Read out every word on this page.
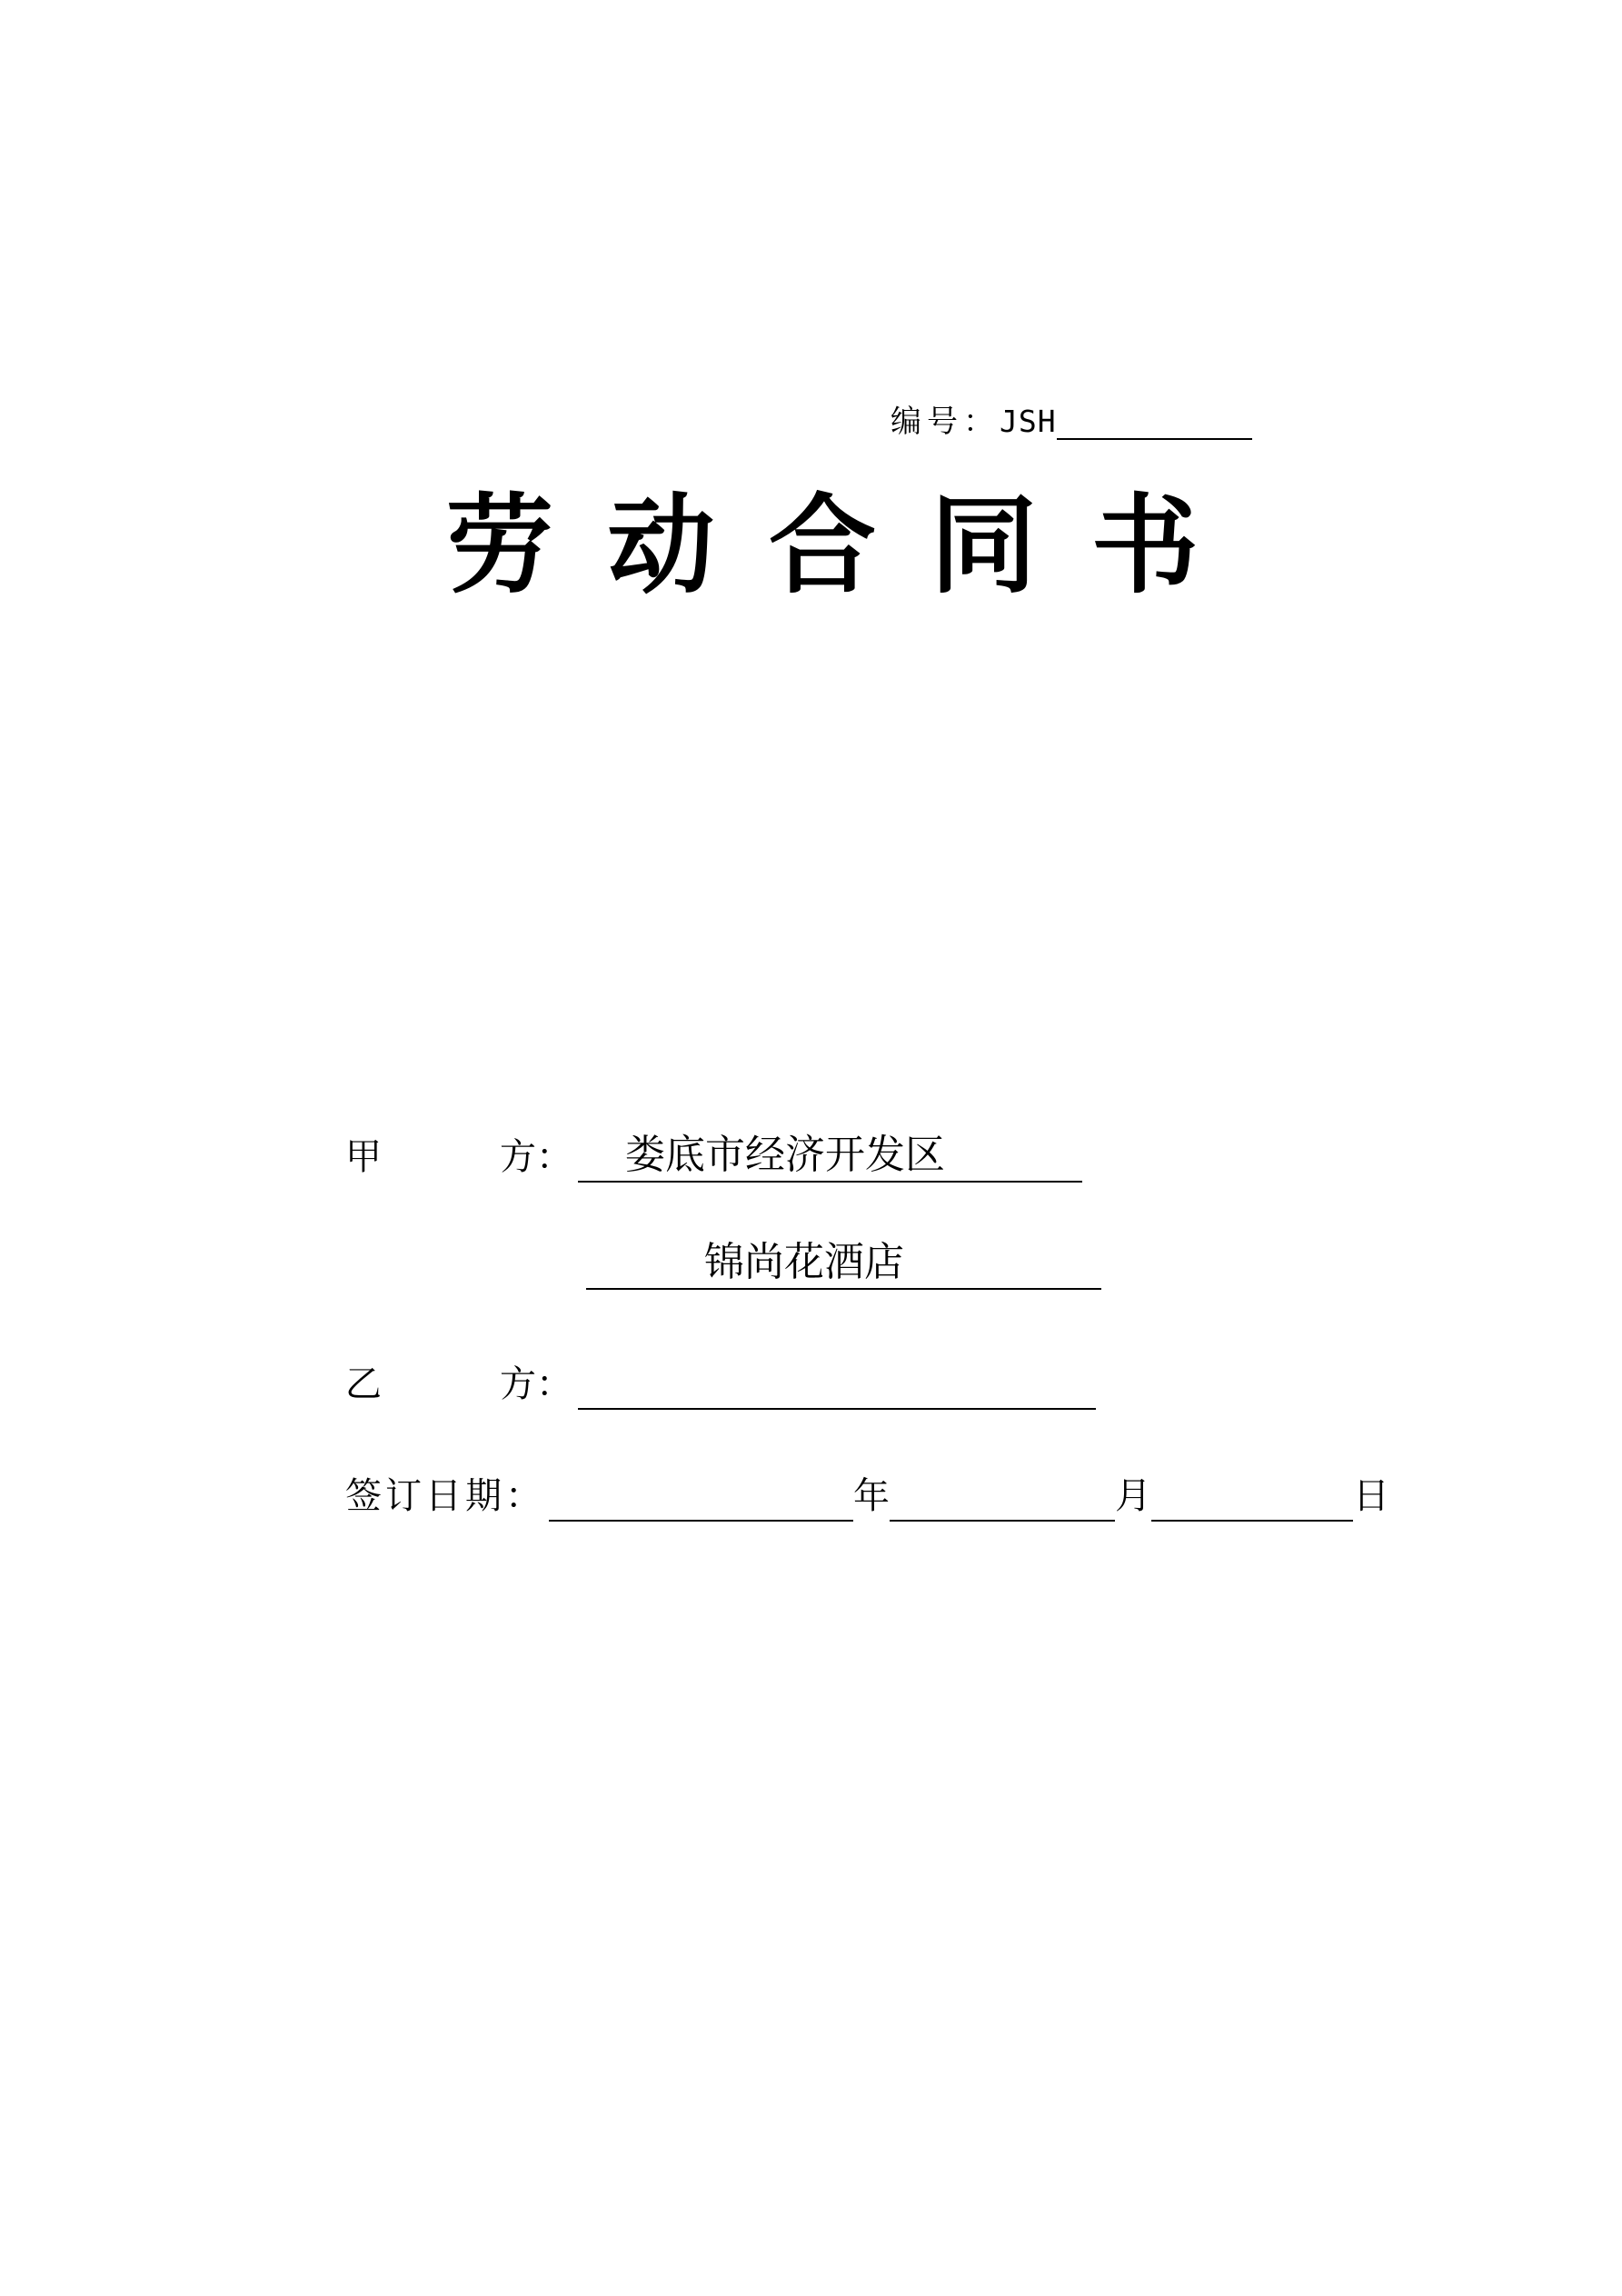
编号： JSH
劳 动 合 同 书
甲	方： 娄底市经济开发区
锦尚花酒店
乙	方：
签订日期：	年	月	日
